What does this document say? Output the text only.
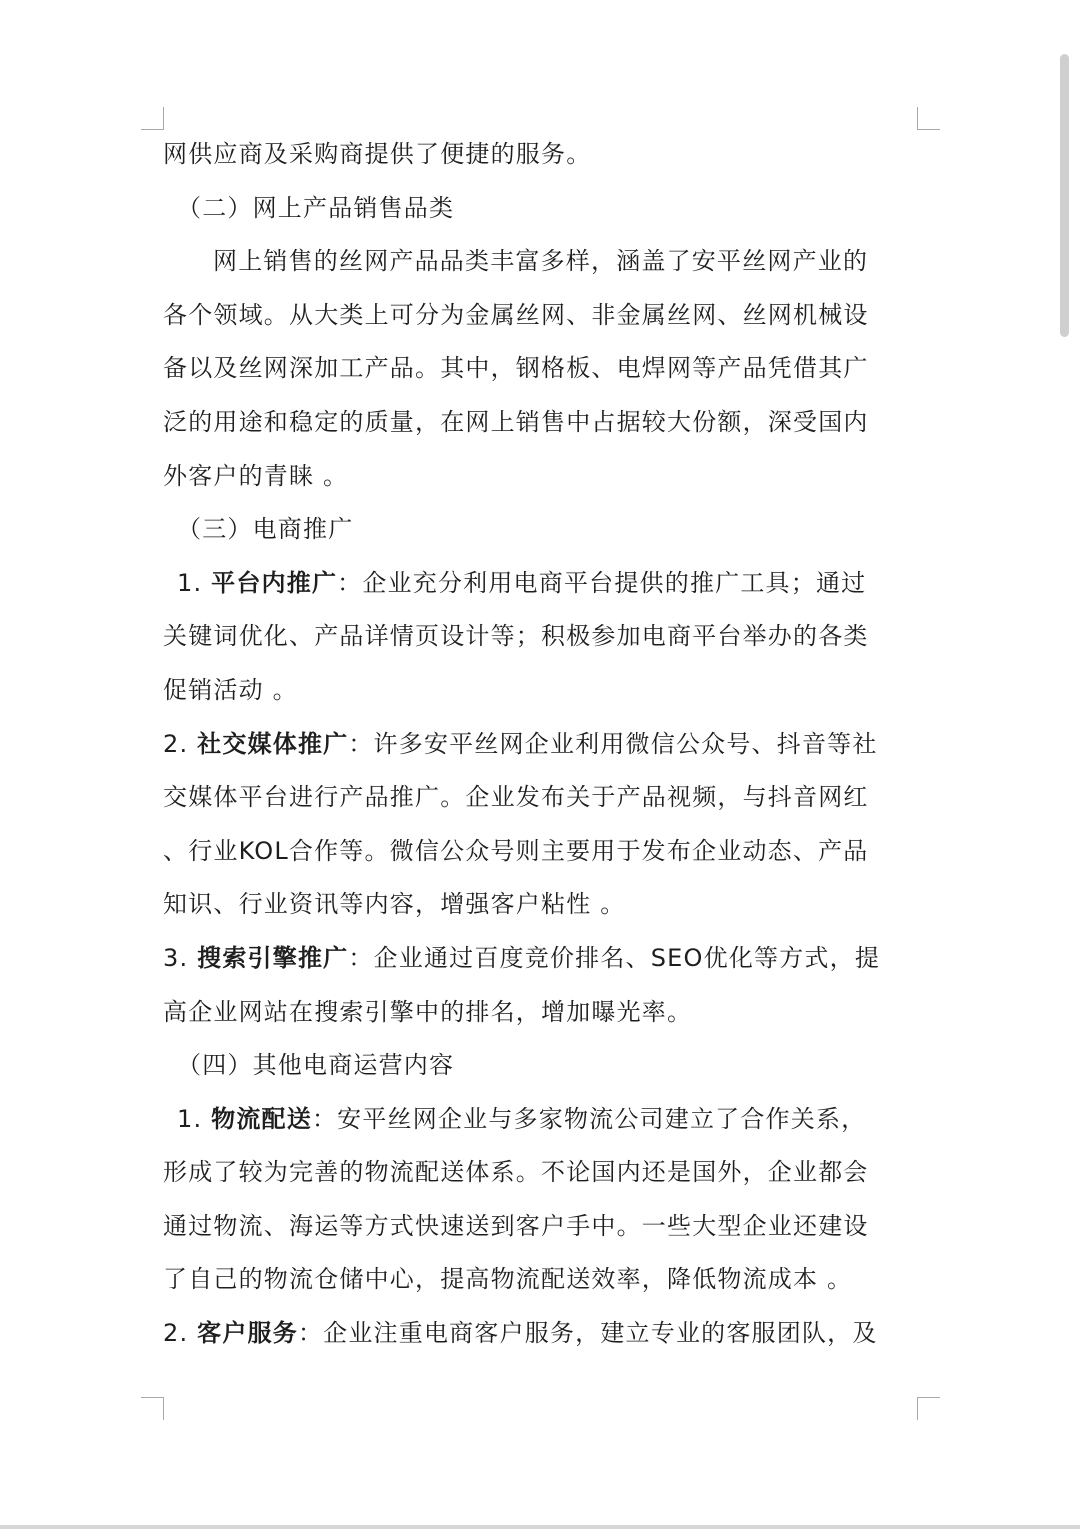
网供应商及采购商提供了便捷的服务。
（二）网上产品销售品类
网上销售的丝网产品品类丰富多样，涵盖了安平丝网产业的
各个领域。从大类上可分为金属丝网、非金属丝网、丝网机械设
备以及丝网深加工产品。其中，钢格板、电焊网等产品凭借其广
泛的用途和稳定的质量，在网上销售中占据较大份额，深受国内
外客户的青睐 。
（三）电商推广
1. 平台内推广：企业充分利用电商平台提供的推广工具；通过
关键词优化、产品详情页设计等；积极参加电商平台举办的各类
促销活动 。
2. 社交媒体推广：许多安平丝网企业利用微信公众号、抖音等社
交媒体平台进行产品推广。企业发布关于产品视频，与抖音网红
、行业KOL合作等。微信公众号则主要用于发布企业动态、产品
知识、行业资讯等内容，增强客户粘性 。
3. 搜索引擎推广：企业通过百度竞价排名、SEO优化等方式，提
高企业网站在搜索引擎中的排名，增加曝光率。
（四）其他电商运营内容
1. 物流配送：安平丝网企业与多家物流公司建立了合作关系，
形成了较为完善的物流配送体系。不论国内还是国外，企业都会
通过物流、海运等方式快速送到客户手中。一些大型企业还建设
了自己的物流仓储中心，提高物流配送效率，降低物流成本 。
2. 客户服务：企业注重电商客户服务，建立专业的客服团队，及
